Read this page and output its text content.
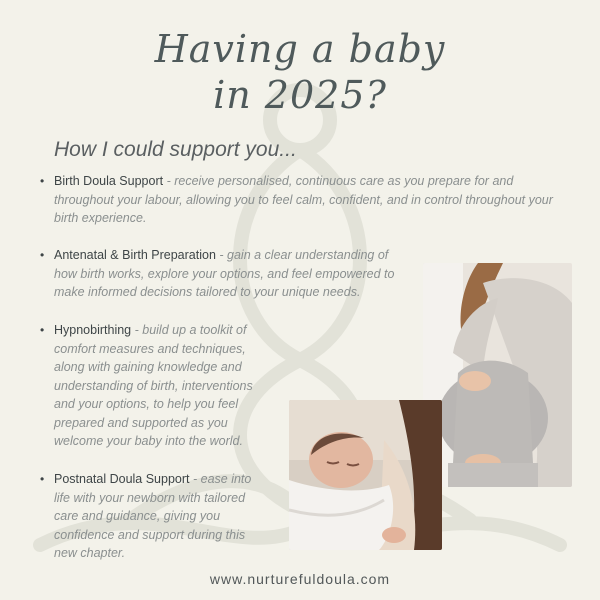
Having a baby
in 2025?
How I could support you...
• Birth Doula Support - receive personalised, continuous care as you prepare for and throughout your labour, allowing you to feel calm, confident, and in control throughout your birth experience.
• Antenatal & Birth Preparation - gain a clear understanding of how birth works, explore your options, and feel empowered to make informed decisions tailored to your unique needs.
• Hypnobirthing - build up a toolkit of comfort measures and techniques, along with gaining knowledge and understanding of birth, interventions and your options, to help you feel prepared and supported as you welcome your baby into the world.
• Postnatal Doula Support - ease into life with your newborn with tailored care and guidance, giving you confidence and support during this new chapter.
www.nurturefuldoula.com
